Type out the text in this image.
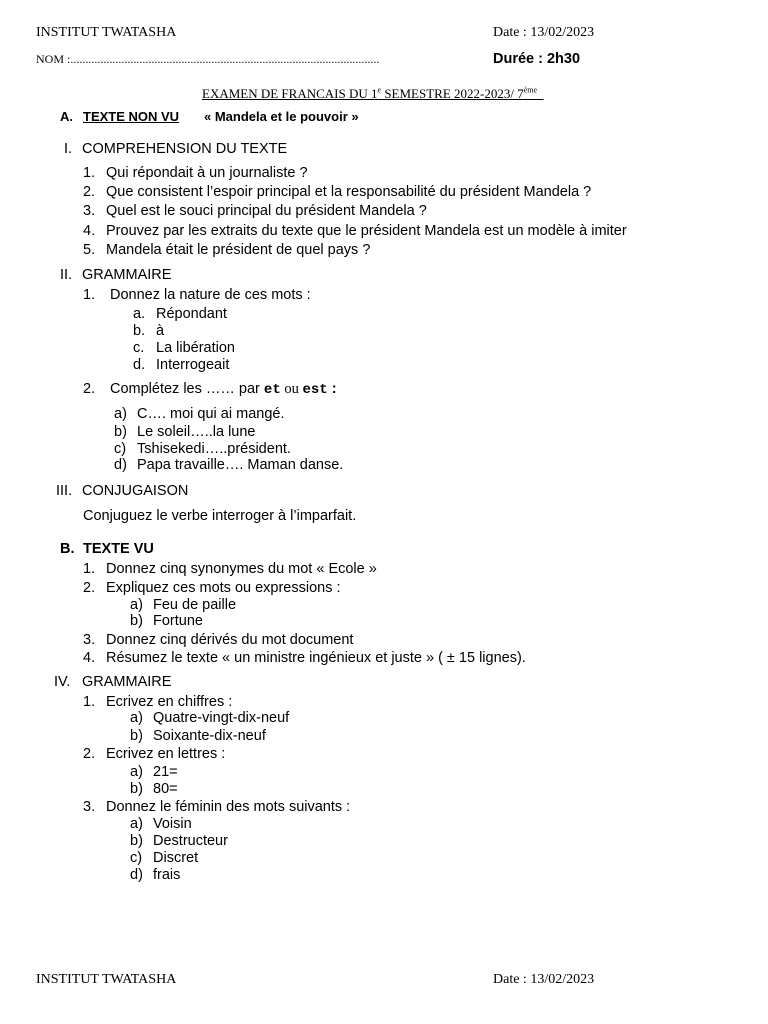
INSTITUT TWATASHA	Date : 13/02/2023
NOM :.......................................................................................................	Durée : 2h30
EXAMEN DE FRANCAIS DU 1e SEMESTRE 2022-2023/ 7ème
A. TEXTE NON VU « Mandela et le pouvoir »
I. COMPREHENSION DU TEXTE
1. Qui répondait à un journaliste ?
2. Que consistent l’espoir principal et la responsabilité du président Mandela ?
3. Quel est le souci principal du président Mandela ?
4. Prouvez par les extraits du texte que le président Mandela est un modèle à imiter
5. Mandela était le président de quel pays ?
II. GRAMMAIRE
1. Donnez la nature de ces mots :
a. Répondant
b. à
c. La libération
d. Interrogeait
2. Complétez les …… par et ou est :
a) C…. moi qui ai mangé.
b) Le soleil…..la lune
c) Tshisekedi…..président.
d) Papa travaille…. Maman danse.
III. CONJUGAISON
Conjuguez le verbe interroger à l’imparfait.
B. TEXTE VU
1. Donnez cinq synonymes du mot « Ecole »
2. Expliquez ces mots ou expressions :
a) Feu de paille
b) Fortune
3. Donnez cinq dérivés du mot document
4. Résumez le texte « un ministre ingénieux et juste » ( ± 15 lignes).
IV. GRAMMAIRE
1. Ecrivez en chiffres :
a) Quatre-vingt-dix-neuf
b) Soixante-dix-neuf
2. Ecrivez en lettres :
a) 21=
b) 80=
3. Donnez le féminin des mots suivants :
a) Voisin
b) Destructeur
c) Discret
d) frais
INSTITUT TWATASHA	Date : 13/02/2023
